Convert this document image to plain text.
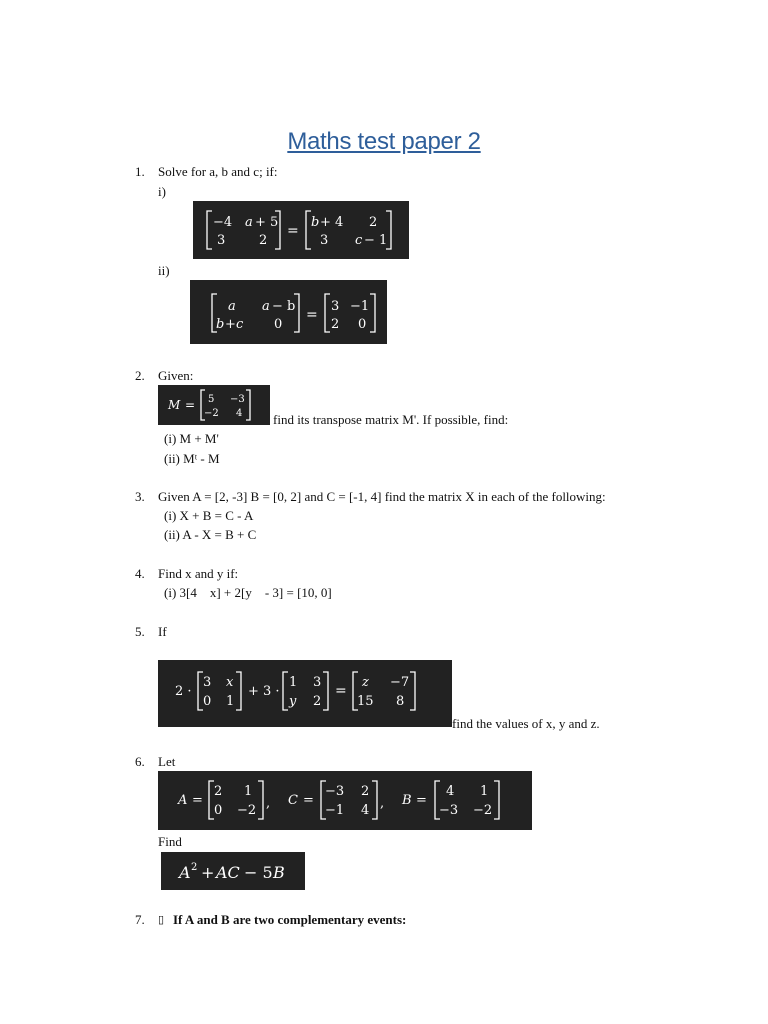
Maths test paper 2
1. Solve for a, b and c; if:
i)
−4 a + 5
3	2
=
b + 4 2
3 c − 1
ii)
a a − b
b + c 0
=
3 −1
2 0
2. Given:
M = 5 −3
−2 4 find its transpose matrix M'. If possible, find:
(i) M + M'
(ii) Mᵗ - M
3. Given A = [2, -3] B = [0, 2] and C = [-1, 4] find the matrix X in each of the following:
(i) X + B = C - A
(ii) A - X = B + C
4. Find x and y if:
(i) 3[4    x] + 2[y    - 3] = [10, 0]
5. If
2 ·
3 x
0 1
+ 3 ·
1 3
y 2
=
z −7
15 8
find the values of x, y and z.
6. Let
A =
2 1
0 −2 , C =
−3 2
−1 4 , B =
4 1
−3 −2
Find
A 2 + AC − 5 B
7. ▯ If A and B are two complementary events:
